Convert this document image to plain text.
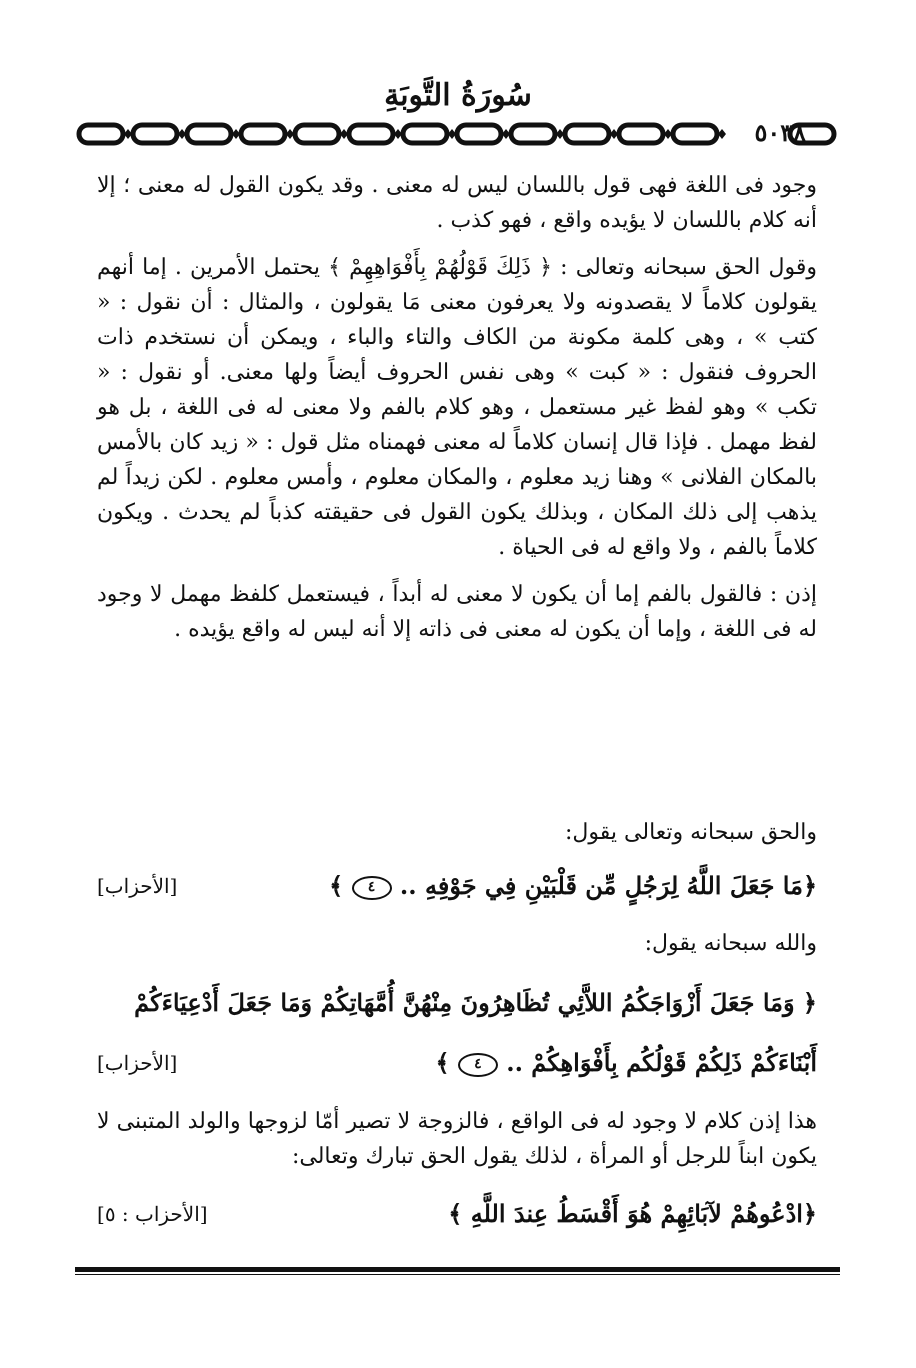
سُورَةُ التَّوبَةِ
٥٠٣٨

وجود فى اللغة فهى قول باللسان ليس له معنى . وقد يكون القول له معنى ؛ إلا أنه كلام باللسان لا يؤيده واقع ، فهو كذب .

وقول الحق سبحانه وتعالى : ﴿ ذَلِكَ قَوْلُهُمْ بِأَفْوَاهِهِمْ ﴾ يحتمل الأمرين . إما أنهم يقولون كلاماً لا يقصدونه ولا يعرفون معنى مَا يقولون ، والمثال : أن نقول : « كتب » ، وهى كلمة مكونة من الكاف والتاء والباء ، ويمكن أن نستخدم ذات الحروف فنقول : « كبت » وهى نفس الحروف أيضاً ولها معنى. أو نقول : « تكب » وهو لفظ غير مستعمل ، وهو كلام بالفم ولا معنى له فى اللغة ، بل هو لفظ مهمل . فإذا قال إنسان كلاماً له معنى فهمناه مثل قول : « زيد كان بالأمس بالمكان الفلانى » وهنا زيد معلوم ، والمكان معلوم ، وأمس معلوم . لكن زيداً لم يذهب إلى ذلك المكان ، وبذلك يكون القول فى حقيقته كذباً لم يحدث . ويكون كلاماً بالفم ، ولا واقع له فى الحياة .

إذن : فالقول بالفم إما أن يكون لا معنى له أبداً ، فيستعمل كلفظ مهمل لا وجود له فى اللغة ، وإما أن يكون له معنى فى ذاته إلا أنه ليس له واقع يؤيده .

والحق سبحانه وتعالى يقول:
﴿مَا جَعَلَ اللَّهُ لِرَجُلٍ مِّن قَلْبَيْنِ فِي جَوْفِهِ .. ٤ ﴾
[الأحزاب]
والله سبحانه يقول:
﴿ وَمَا جَعَلَ أَزْوَاجَكُمُ اللاَّئِي تُظَاهِرُونَ مِنْهُنَّ أُمَّهَاتِكُمْ وَمَا جَعَلَ أَدْعِيَاءَكُمْ
أَبْنَاءَكُمْ ذَلِكُمْ قَوْلُكُم بِأَفْوَاهِكُمْ .. ٤ ﴾
[الأحزاب]
هذا إذن كلام لا وجود له فى الواقع ، فالزوجة لا تصير أمّا لزوجها والولد المتبنى لا يكون ابناً للرجل أو المرأة ، لذلك يقول الحق تبارك وتعالى:
﴿ادْعُوهُمْ لآبَائِهِمْ هُوَ أَقْسَطُ عِندَ اللَّهِ ﴾
[الأحزاب : ٥]
